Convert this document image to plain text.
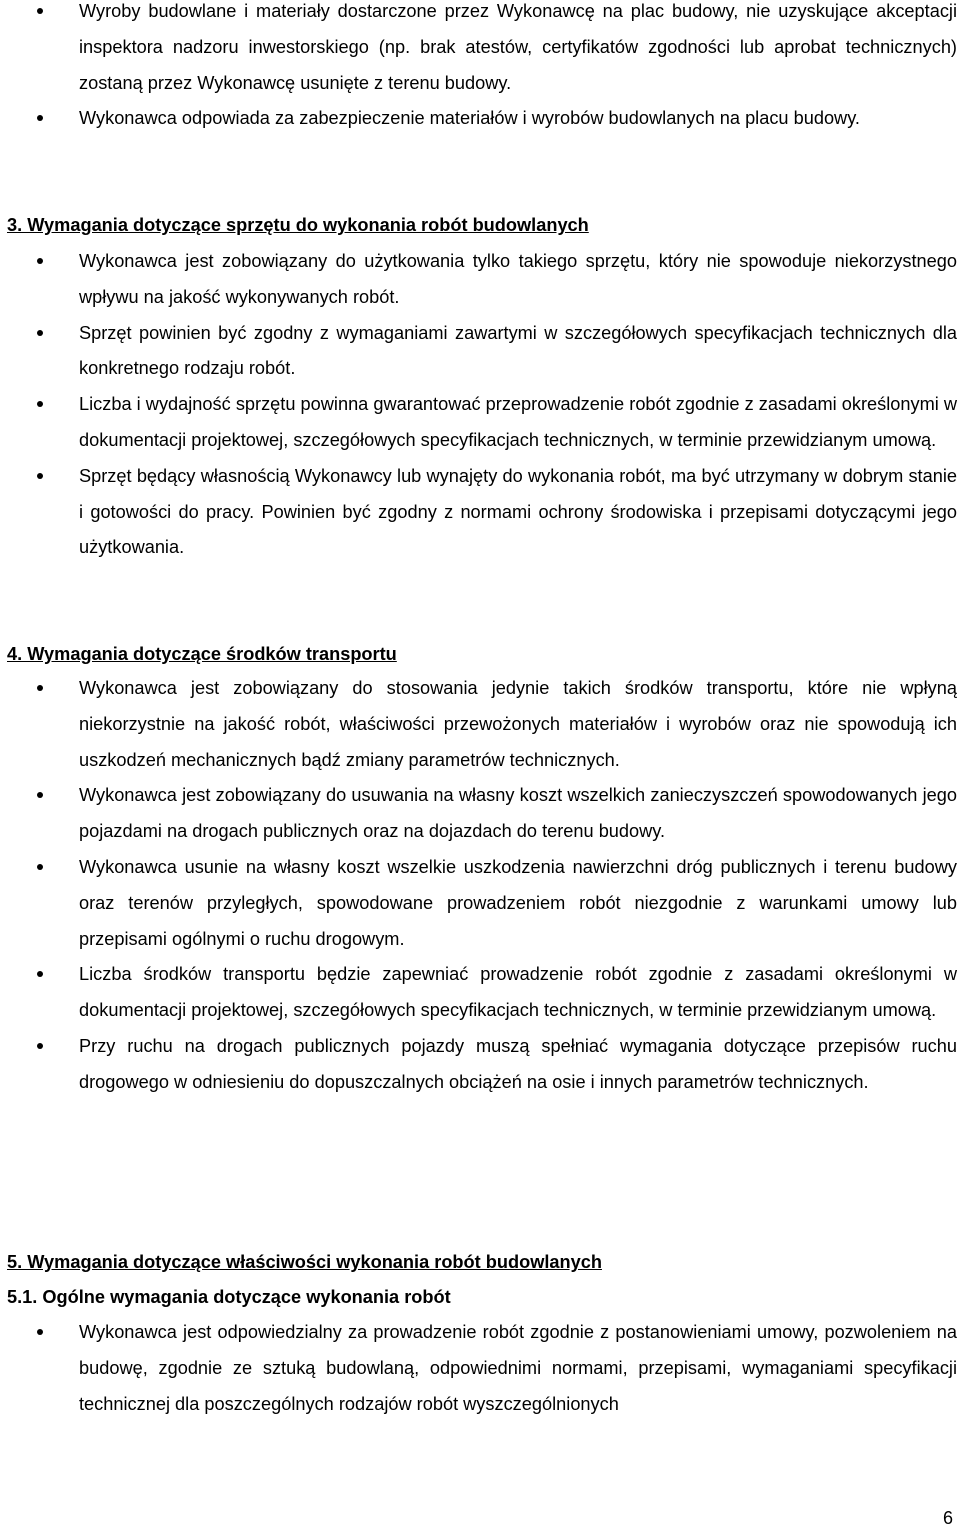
Wyroby budowlane i materiały dostarczone przez Wykonawcę na plac budowy, nie uzyskujące akceptacji inspektora nadzoru inwestorskiego (np. brak atestów, certyfikatów zgodności lub aprobat technicznych) zostaną przez Wykonawcę usunięte z terenu budowy.
Wykonawca odpowiada za zabezpieczenie materiałów i wyrobów budowlanych na placu budowy.
3. Wymagania dotyczące sprzętu do wykonania robót budowlanych
Wykonawca jest zobowiązany do użytkowania tylko takiego sprzętu, który nie spowoduje niekorzystnego wpływu na jakość wykonywanych robót.
Sprzęt powinien być zgodny z wymaganiami zawartymi w szczegółowych specyfikacjach technicznych dla konkretnego rodzaju robót.
Liczba i wydajność sprzętu powinna gwarantować przeprowadzenie robót zgodnie z zasadami określonymi w dokumentacji projektowej, szczegółowych specyfikacjach technicznych, w terminie przewidzianym umową.
Sprzęt będący własnością Wykonawcy lub wynajęty do wykonania robót, ma być utrzymany w dobrym stanie i gotowości do pracy. Powinien być zgodny z normami ochrony środowiska i przepisami dotyczącymi jego użytkowania.
4. Wymagania dotyczące środków transportu
Wykonawca jest zobowiązany do stosowania jedynie takich środków transportu, które nie wpłyną niekorzystnie na jakość robót, właściwości przewożonych materiałów i wyrobów oraz nie spowodują ich uszkodzeń mechanicznych bądź zmiany parametrów technicznych.
Wykonawca jest zobowiązany do usuwania na własny koszt wszelkich zanieczyszczeń spowodowanych jego pojazdami na drogach publicznych oraz na dojazdach do terenu budowy.
Wykonawca usunie na własny koszt wszelkie uszkodzenia nawierzchni dróg publicznych i terenu budowy oraz terenów przyległych, spowodowane prowadzeniem robót niezgodnie z warunkami umowy lub przepisami ogólnymi o ruchu drogowym.
Liczba środków transportu będzie zapewniać prowadzenie robót zgodnie z zasadami określonymi w dokumentacji projektowej, szczegółowych specyfikacjach technicznych, w terminie przewidzianym umową.
Przy ruchu na drogach publicznych pojazdy muszą spełniać wymagania dotyczące przepisów ruchu drogowego w odniesieniu do dopuszczalnych obciążeń na osie i innych parametrów technicznych.
5. Wymagania dotyczące właściwości wykonania robót budowlanych
5.1. Ogólne wymagania dotyczące wykonania robót
Wykonawca jest odpowiedzialny za prowadzenie robót zgodnie z postanowieniami umowy, pozwoleniem na budowę, zgodnie ze sztuką budowlaną, odpowiednimi normami, przepisami, wymaganiami specyfikacji technicznej dla poszczególnych rodzajów robót wyszczególnionych
6
